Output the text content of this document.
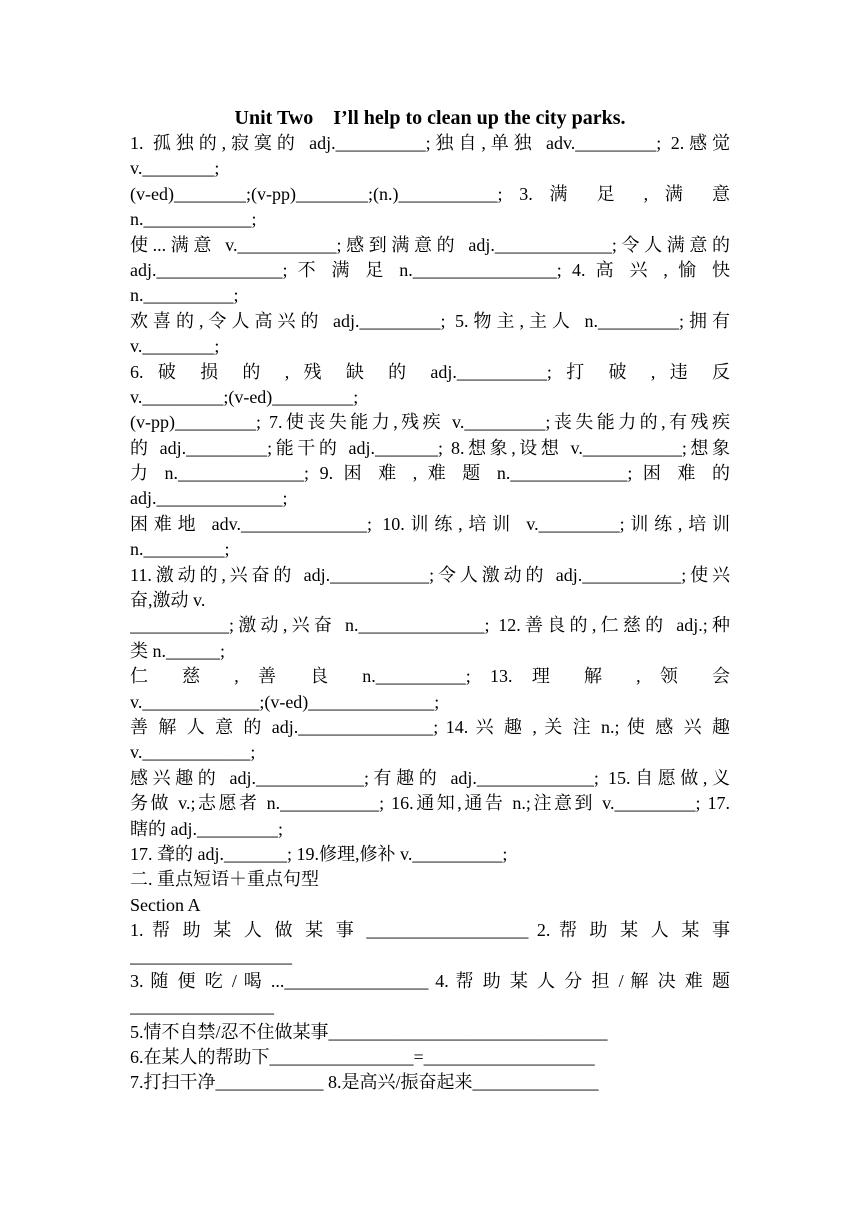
Unit Two    I’ll help to clean up the city parks.
1. 孤独的,寂寞的 adj.__________;独自,单独 adv._________; 2.感觉
v.________;
(v-ed)________;(v-pp)________;(n.)___________; 3. 满 足 , 满 意
n.____________;
使...满意 v.___________;感到满意的 adj._____________;令人满意的
adj.______________; 不 满 足 n.________________; 4. 高 兴 , 愉 快
n.__________;
欢喜的,令人高兴的 adj._________; 5.物主,主人 n._________;拥有
v.________;
6. 破 损 的 , 残 缺 的 adj.__________; 打 破 , 违 反
v._________;(v-ed)_________;
(v-pp)_________; 7.使丧失能力,残疾 v._________;丧失能力的,有残疾
的 adj._________;能干的 adj._______; 8.想象,设想 v.___________;想象
力 n.______________; 9. 困 难 , 难 题 n._____________; 困 难 的
adj.______________;
困难地 adv.______________; 10.训练,培训 v._________;训练,培训
n._________;
11.激动的,兴奋的 adj.___________;令人激动的 adj.___________;使兴
奋,激动 v.
___________;激动,兴奋 n.______________; 12.善良的,仁慈的 adj.;种
类 n.______;
仁 慈 , 善 良 n.__________; 13. 理 解 , 领 会
v._____________;(v-ed)______________;
善 解 人 意 的 adj._______________; 14. 兴 趣 , 关 注 n.; 使 感 兴 趣
v.____________;
感兴趣的 adj.____________;有趣的 adj._____________; 15.自愿做,义
务做 v.;志愿者 n.___________; 16.通知,通告 n.;注意到 v._________; 17.
瞎的 adj._________;
17. 聋的 adj._______; 19.修理,修补 v.__________;
二. 重点短语＋重点句型
Section A
1. 帮 助 某 人 做 某 事 __________________ 2. 帮 助 某 人 某 事
__________________
3. 随 便 吃 / 喝 ...________________ 4. 帮 助 某 人 分 担 / 解 决 难 题
________________
5.情不自禁/忍不住做某事_______________________________
6.在某人的帮助下________________=___________________
7.打扫干净____________ 8.是高兴/振奋起来______________
